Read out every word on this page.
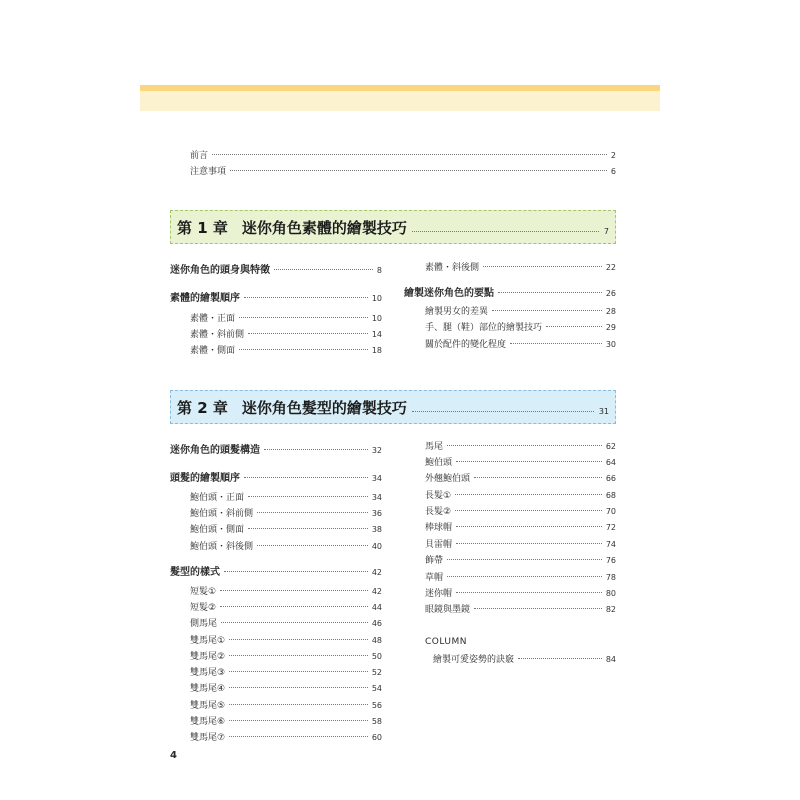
前言	2
注意事項	6
第 1 章 迷你角色素體的繪製技巧	7
迷你角色的頭身與特徵	8
素體的繪製順序	10
素體・正面	10
素體・斜前側	14
素體・側面	18
素體・斜後側	22
繪製迷你角色的要點	26
繪製男女的差異	28
手、腿（鞋）部位的繪製技巧	29
關於配件的變化程度	30
第 2 章 迷你角色髮型的繪製技巧	31
迷你角色的頭髮構造	32
頭髮的繪製順序	34
鮑伯頭・正面	34
鮑伯頭・斜前側	36
鮑伯頭・側面	38
鮑伯頭・斜後側	40
髮型的樣式	42
短髮①	42
短髮②	44
側馬尾	46
雙馬尾①	48
雙馬尾②	50
雙馬尾③	52
雙馬尾④	54
雙馬尾⑤	56
雙馬尾⑥	58
雙馬尾⑦	60
馬尾	62
鮑伯頭	64
外翹鮑伯頭	66
長髮①	68
長髮②	70
棒球帽	72
貝雷帽	74
飾帶	76
草帽	78
迷你帽	80
眼鏡與墨鏡	82
COLUMN
繪製可愛姿勢的訣竅	84
4
